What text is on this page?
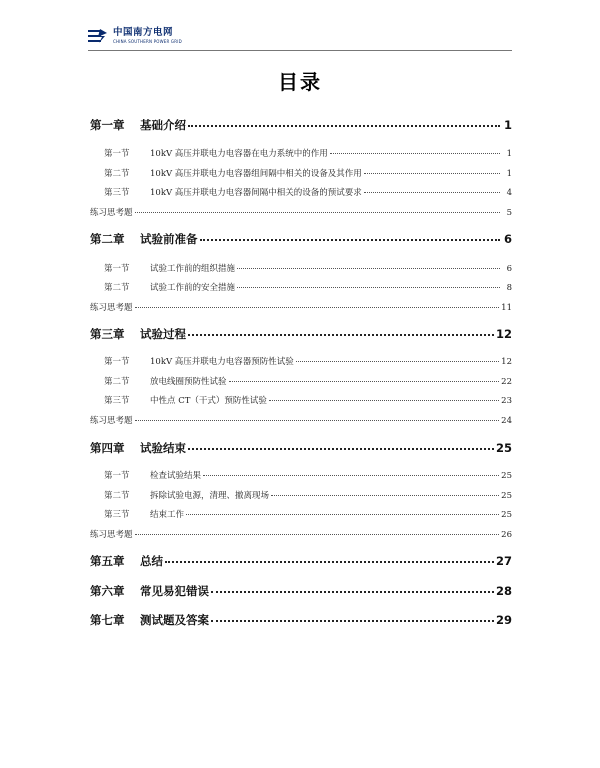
中国南方电网
CHINA SOUTHERN POWER GRID
目录
第一章	基础介绍	1
第一节	10kV 高压并联电力电容器在电力系统中的作用	1
第二节	10kV 高压并联电力电容器组间隔中相关的设备及其作用	1
第三节	10kV 高压并联电力电容器间隔中相关的设备的预试要求	4
练习思考题	5
第二章	试验前准备	6
第一节	试验工作前的组织措施	6
第二节	试验工作前的安全措施	8
练习思考题	11
第三章	试验过程	12
第一节	10kV 高压并联电力电容器预防性试验	12
第二节	放电线圈预防性试验	22
第三节	中性点 CT（干式）预防性试验	23
练习思考题	24
第四章	试验结束	25
第一节	检查试验结果	25
第二节	拆除试验电源，清理、撤离现场	25
第三节	结束工作	25
练习思考题	26
第五章	总结	27
第六章	常见易犯错误	28
第七章	测试题及答案	29
